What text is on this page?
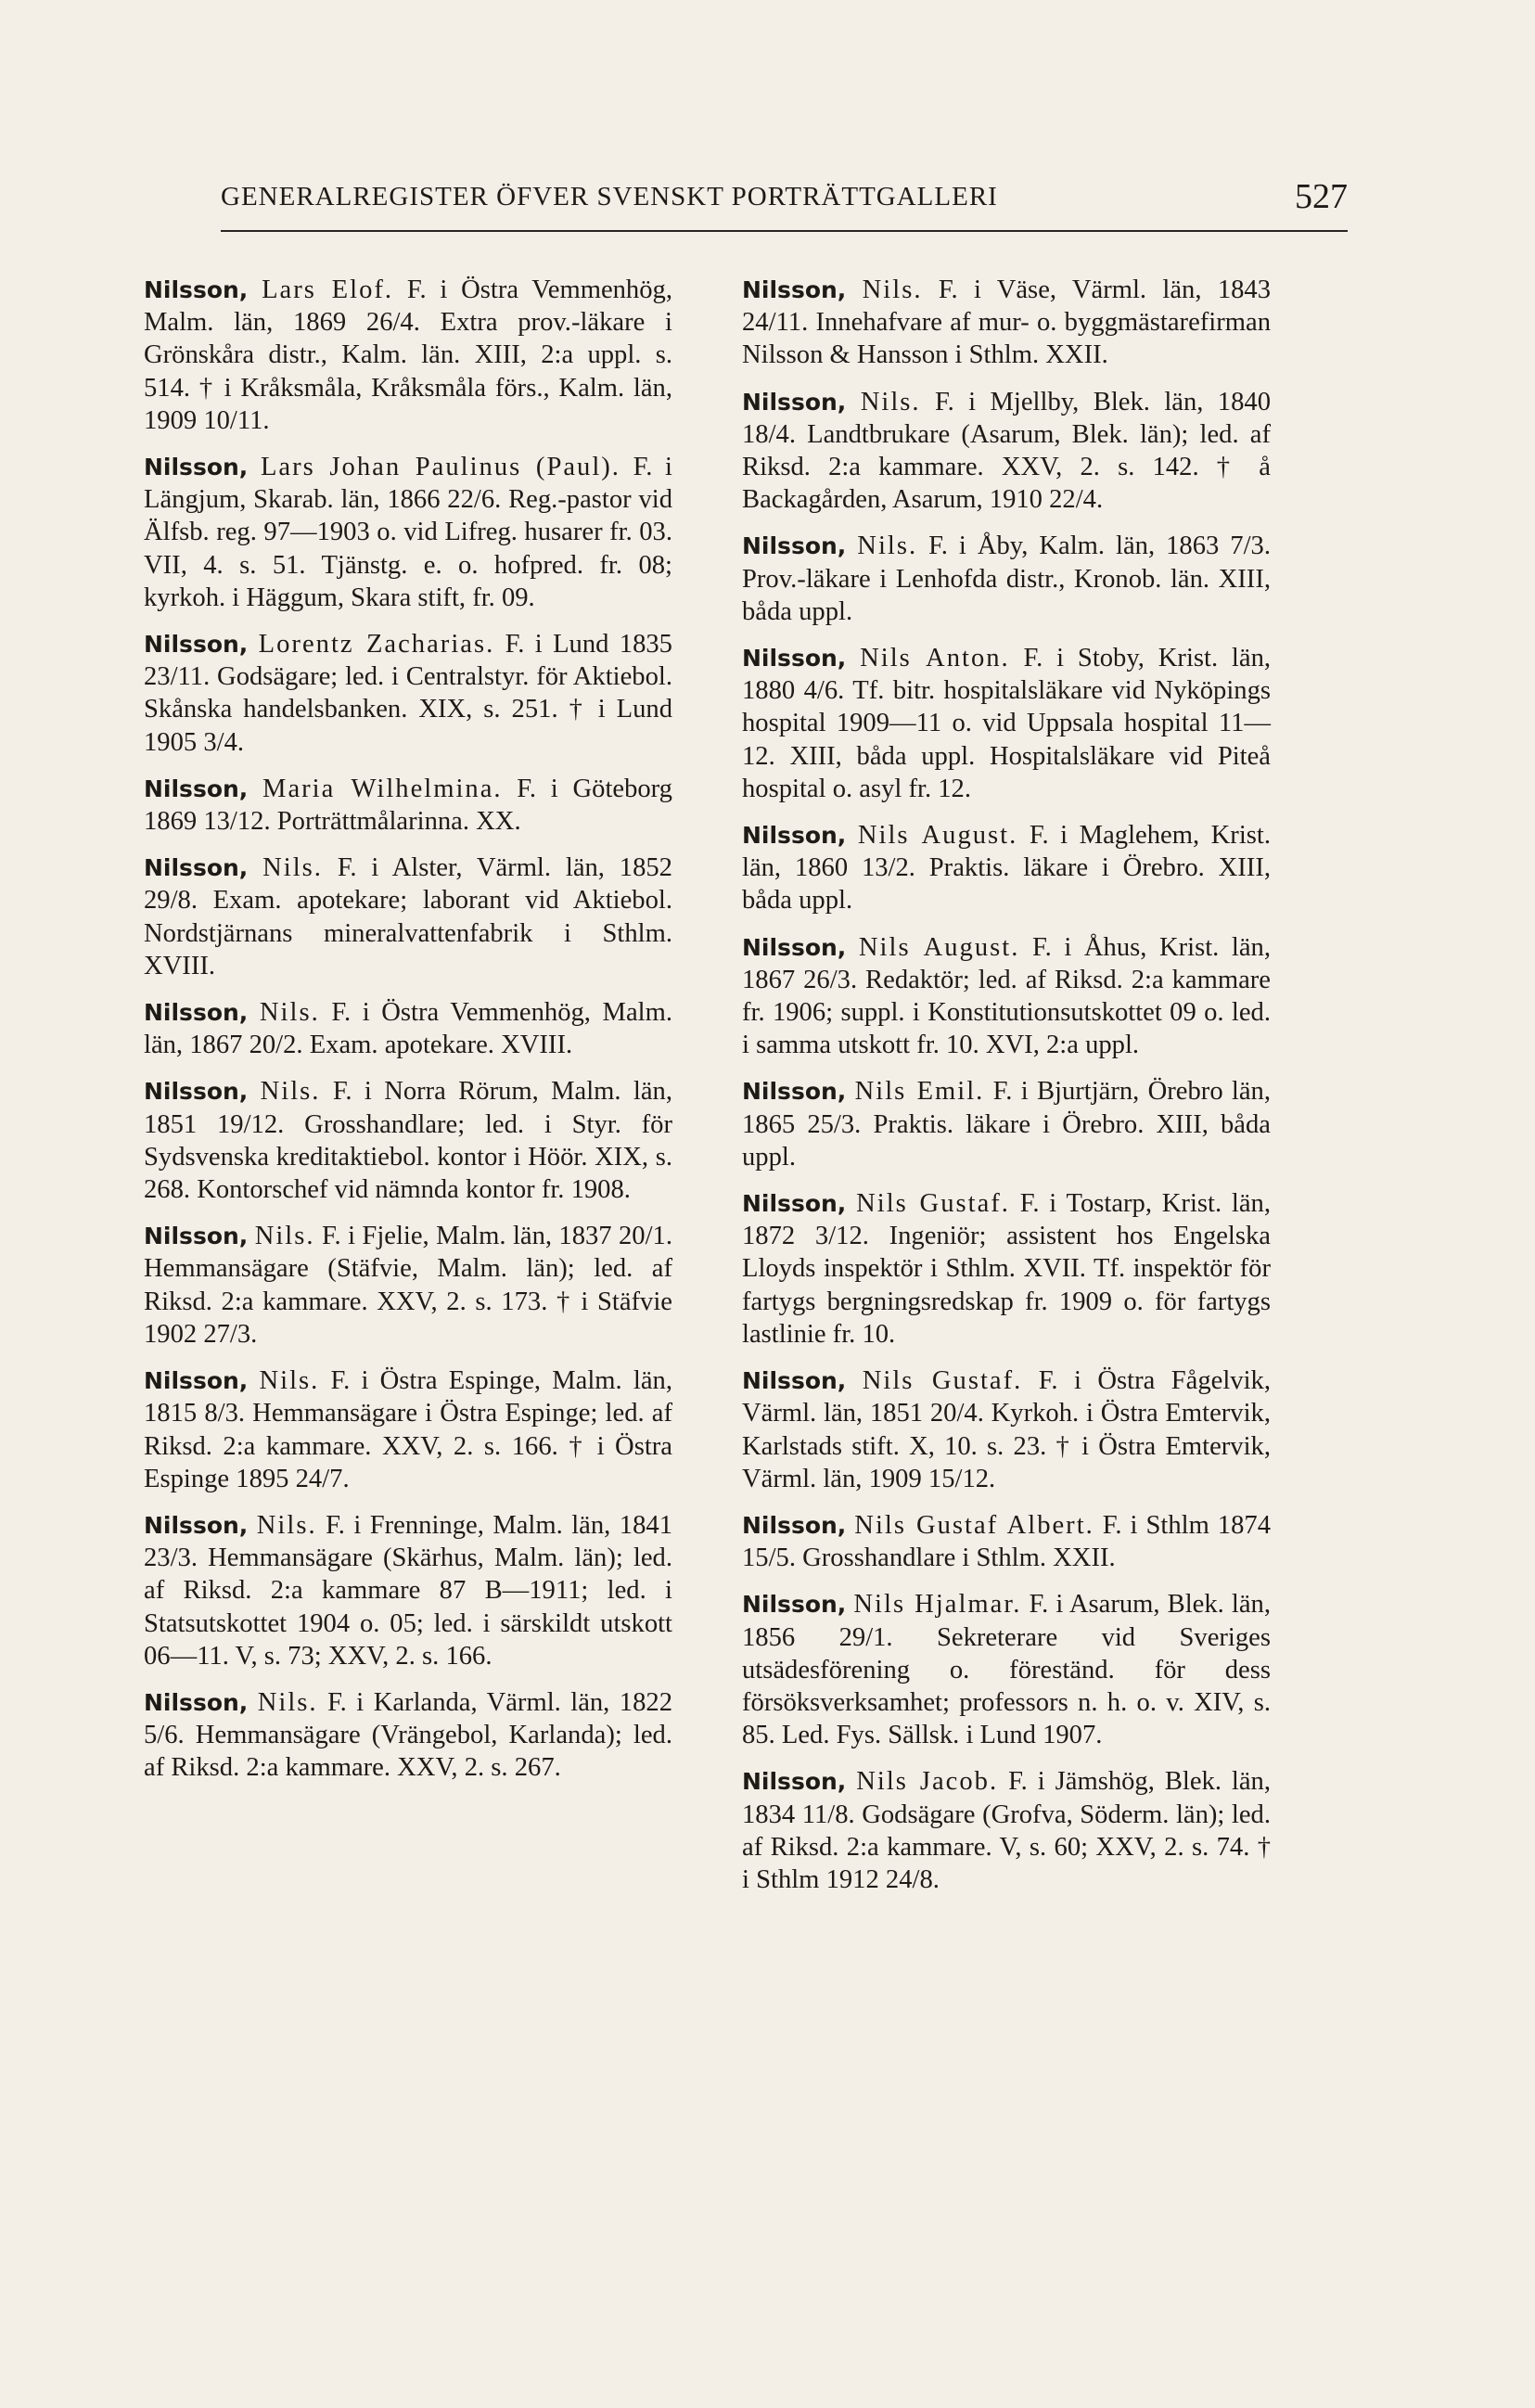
GENERALREGISTER ÖFVER SVENSKT PORTRÄTTGALLERI	527

Nilsson, Lars Elof. F. i Östra Vemmenhög, Malm. län, 1869 26/4. Extra prov.-läkare i Grönskåra distr., Kalm. län. XIII, 2:a uppl. s. 514. † i Kråksmåla, Kråksmåla förs., Kalm. län, 1909 10/11.

Nilsson, Lars Johan Paulinus (Paul). F. i Längjum, Skarab. län, 1866 22/6. Reg.-pastor vid Älfsb. reg. 97—1903 o. vid Lifreg. husarer fr. 03. VII, 4. s. 51. Tjänstg. e. o. hofpred. fr. 08; kyrkoh. i Häggum, Skara stift, fr. 09.

Nilsson, Lorentz Zacharias. F. i Lund 1835 23/11. Godsägare; led. i Centralstyr. för Aktiebol. Skånska handelsbanken. XIX, s. 251. † i Lund 1905 3/4.

Nilsson, Maria Wilhelmina. F. i Göteborg 1869 13/12. Porträttmålarinna. XX.

Nilsson, Nils. F. i Alster, Värml. län, 1852 29/8. Exam. apotekare; laborant vid Aktiebol. Nordstjärnans mineralvattenfabrik i Sthlm. XVIII.

Nilsson, Nils. F. i Östra Vemmenhög, Malm. län, 1867 20/2. Exam. apotekare. XVIII.

Nilsson, Nils. F. i Norra Rörum, Malm. län, 1851 19/12. Grosshandlare; led. i Styr. för Sydsvenska kreditaktiebol. kontor i Höör. XIX, s. 268. Kontorschef vid nämnda kontor fr. 1908.

Nilsson, Nils. F. i Fjelie, Malm. län, 1837 20/1. Hemmansägare (Stäfvie, Malm. län); led. af Riksd. 2:a kammare. XXV, 2. s. 173. † i Stäfvie 1902 27/3.

Nilsson, Nils. F. i Östra Espinge, Malm. län, 1815 8/3. Hemmansägare i Östra Espinge; led. af Riksd. 2:a kammare. XXV, 2. s. 166. † i Östra Espinge 1895 24/7.

Nilsson, Nils. F. i Frenninge, Malm. län, 1841 23/3. Hemmansägare (Skärhus, Malm. län); led. af Riksd. 2:a kammare 87 B—1911; led. i Statsutskottet 1904 o. 05; led. i särskildt utskott 06—11. V, s. 73; XXV, 2. s. 166.

Nilsson, Nils. F. i Karlanda, Värml. län, 1822 5/6. Hemmansägare (Vrängebol, Karlanda); led. af Riksd. 2:a kammare. XXV, 2. s. 267.

Nilsson, Nils. F. i Väse, Värml. län, 1843 24/11. Innehafvare af mur- o. byggmästarefirman Nilsson & Hansson i Sthlm. XXII.

Nilsson, Nils. F. i Mjellby, Blek. län, 1840 18/4. Landtbrukare (Asarum, Blek. län); led. af Riksd. 2:a kammare. XXV, 2. s. 142. † å Backagården, Asarum, 1910 22/4.

Nilsson, Nils. F. i Åby, Kalm. län, 1863 7/3. Prov.-läkare i Lenhofda distr., Kronob. län. XIII, båda uppl.

Nilsson, Nils Anton. F. i Stoby, Krist. län, 1880 4/6. Tf. bitr. hospitalsläkare vid Nyköpings hospital 1909—11 o. vid Uppsala hospital 11—12. XIII, båda uppl. Hospitalsläkare vid Piteå hospital o. asyl fr. 12.

Nilsson, Nils August. F. i Maglehem, Krist. län, 1860 13/2. Praktis. läkare i Örebro. XIII, båda uppl.

Nilsson, Nils August. F. i Åhus, Krist. län, 1867 26/3. Redaktör; led. af Riksd. 2:a kammare fr. 1906; suppl. i Konstitutionsutskottet 09 o. led. i samma utskott fr. 10. XVI, 2:a uppl.

Nilsson, Nils Emil. F. i Bjurtjärn, Örebro län, 1865 25/3. Praktis. läkare i Örebro. XIII, båda uppl.

Nilsson, Nils Gustaf. F. i Tostarp, Krist. län, 1872 3/12. Ingeniör; assistent hos Engelska Lloyds inspektör i Sthlm. XVII. Tf. inspektör för fartygs bergningsredskap fr. 1909 o. för fartygs lastlinie fr. 10.

Nilsson, Nils Gustaf. F. i Östra Fågelvik, Värml. län, 1851 20/4. Kyrkoh. i Östra Emtervik, Karlstads stift. X, 10. s. 23. † i Östra Emtervik, Värml. län, 1909 15/12.

Nilsson, Nils Gustaf Albert. F. i Sthlm 1874 15/5. Grosshandlare i Sthlm. XXII.

Nilsson, Nils Hjalmar. F. i Asarum, Blek. län, 1856 29/1. Sekreterare vid Sveriges utsädesförening o. föreständ. för dess försöksverksamhet; professors n. h. o. v. XIV, s. 85. Led. Fys. Sällsk. i Lund 1907.

Nilsson, Nils Jacob. F. i Jämshög, Blek. län, 1834 11/8. Godsägare (Grofva, Söderm. län); led. af Riksd. 2:a kammare. V, s. 60; XXV, 2. s. 74. † i Sthlm 1912 24/8.
